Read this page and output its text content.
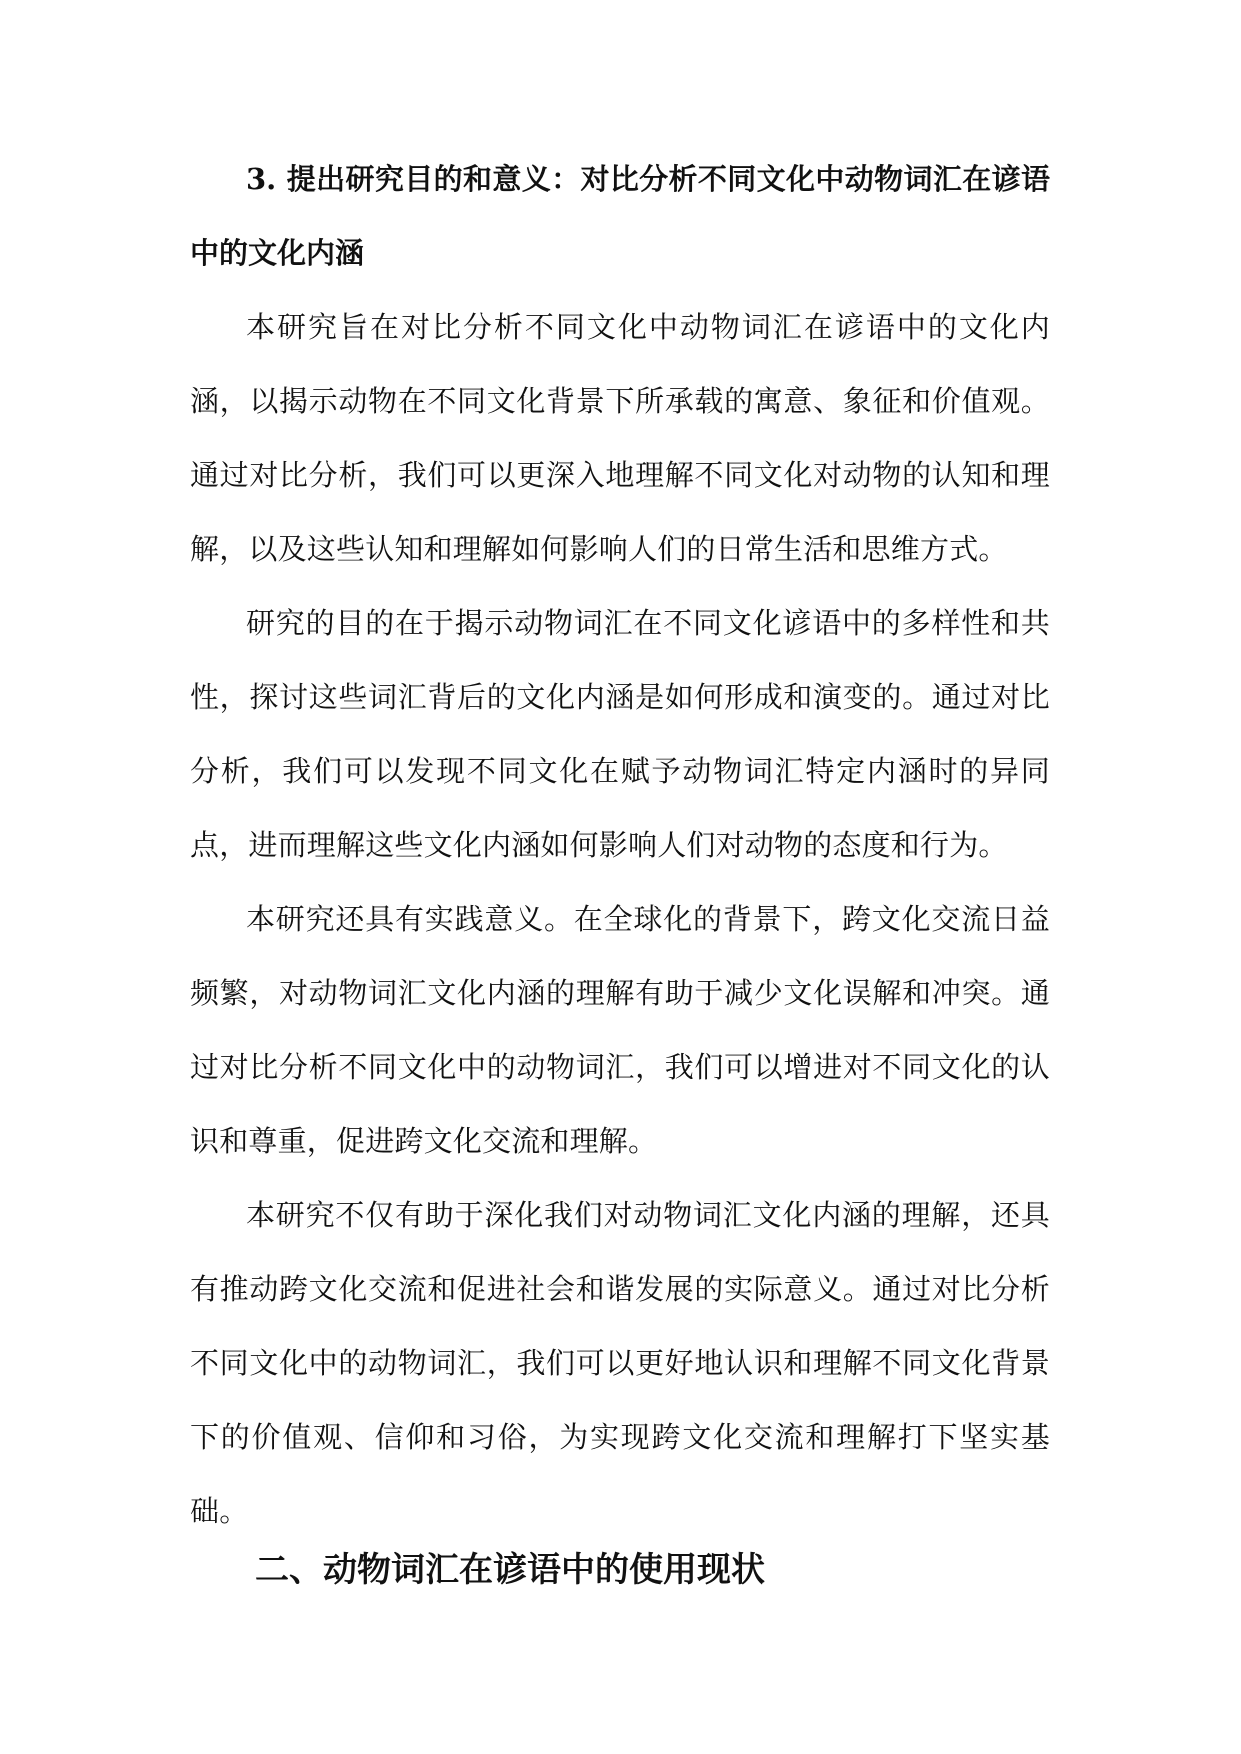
3. 提出研究目的和意义：对比分析不同文化中动物词汇在谚语中的文化内涵

本研究旨在对比分析不同文化中动物词汇在谚语中的文化内涵，以揭示动物在不同文化背景下所承载的寓意、象征和价值观。通过对比分析，我们可以更深入地理解不同文化对动物的认知和理解，以及这些认知和理解如何影响人们的日常生活和思维方式。

研究的目的在于揭示动物词汇在不同文化谚语中的多样性和共性，探讨这些词汇背后的文化内涵是如何形成和演变的。通过对比分析，我们可以发现不同文化在赋予动物词汇特定内涵时的异同点，进而理解这些文化内涵如何影响人们对动物的态度和行为。

本研究还具有实践意义。在全球化的背景下，跨文化交流日益频繁，对动物词汇文化内涵的理解有助于减少文化误解和冲突。通过对比分析不同文化中的动物词汇，我们可以增进对不同文化的认识和尊重，促进跨文化交流和理解。

本研究不仅有助于深化我们对动物词汇文化内涵的理解，还具有推动跨文化交流和促进社会和谐发展的实际意义。通过对比分析不同文化中的动物词汇，我们可以更好地认识和理解不同文化背景下的价值观、信仰和习俗，为实现跨文化交流和理解打下坚实基础。

二、动物词汇在谚语中的使用现状
